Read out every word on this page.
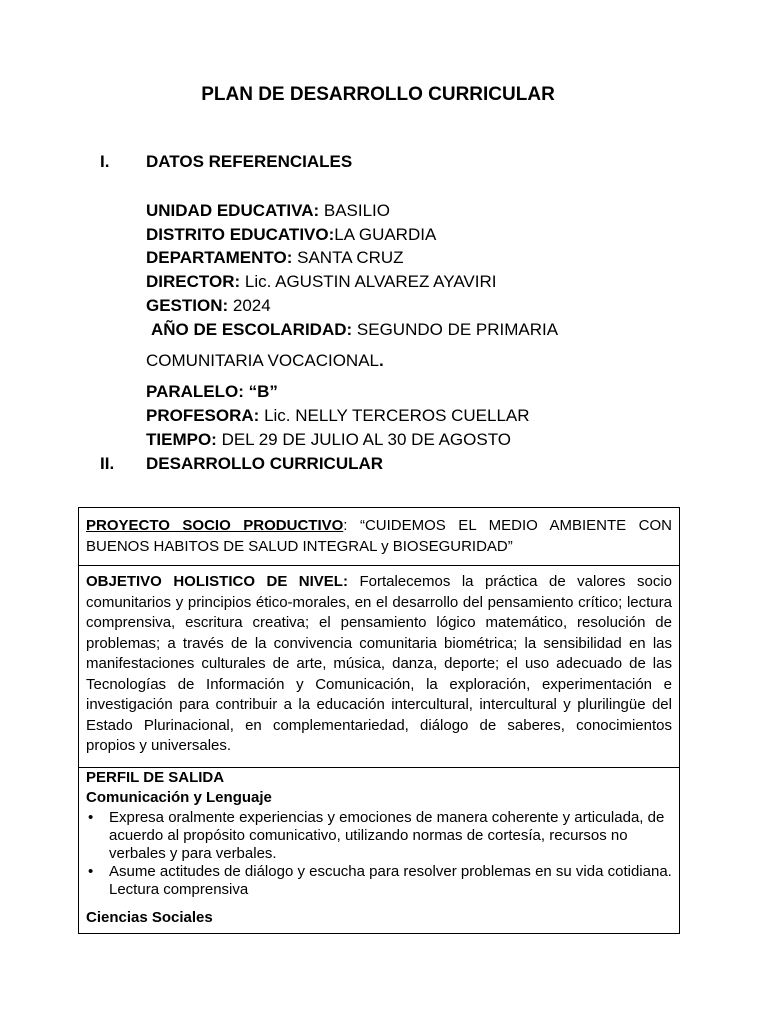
PLAN DE DESARROLLO CURRICULAR
I. DATOS REFERENCIALES
UNIDAD EDUCATIVA: BASILIO
DISTRITO EDUCATIVO:LA GUARDIA
DEPARTAMENTO: SANTA CRUZ
DIRECTOR: Lic. AGUSTIN ALVAREZ AYAVIRI
GESTION: 2024
AÑO DE ESCOLARIDAD: SEGUNDO DE PRIMARIA
COMUNITARIA VOCACIONAL.
PARALELO: “B”
PROFESORA: Lic. NELLY TERCEROS CUELLAR
TIEMPO: DEL 29 DE JULIO AL 30 DE AGOSTO
II. DESARROLLO CURRICULAR
PROYECTO SOCIO PRODUCTIVO: “CUIDEMOS EL MEDIO AMBIENTE CON BUENOS HABITOS DE SALUD INTEGRAL y BIOSEGURIDAD”
OBJETIVO HOLISTICO DE NIVEL: Fortalecemos la práctica de valores socio comunitarios y principios ético-morales, en el desarrollo del pensamiento crítico; lectura comprensiva, escritura creativa; el pensamiento lógico matemático, resolución de problemas; a través de la convivencia comunitaria biométrica; la sensibilidad en las manifestaciones culturales de arte, música, danza, deporte; el uso adecuado de las Tecnologías de Información y Comunicación, la exploración, experimentación e investigación para contribuir a la educación intercultural, intercultural y plurilingüe del Estado Plurinacional, en complementariedad, diálogo de saberes, conocimientos propios y universales.
PERFIL DE SALIDA
Comunicación y Lenguaje
• Expresa oralmente experiencias y emociones de manera coherente y articulada, de acuerdo al propósito comunicativo, utilizando normas de cortesía, recursos no verbales y para verbales.
• Asume actitudes de diálogo y escucha para resolver problemas en su vida cotidiana. Lectura comprensiva
Ciencias Sociales
